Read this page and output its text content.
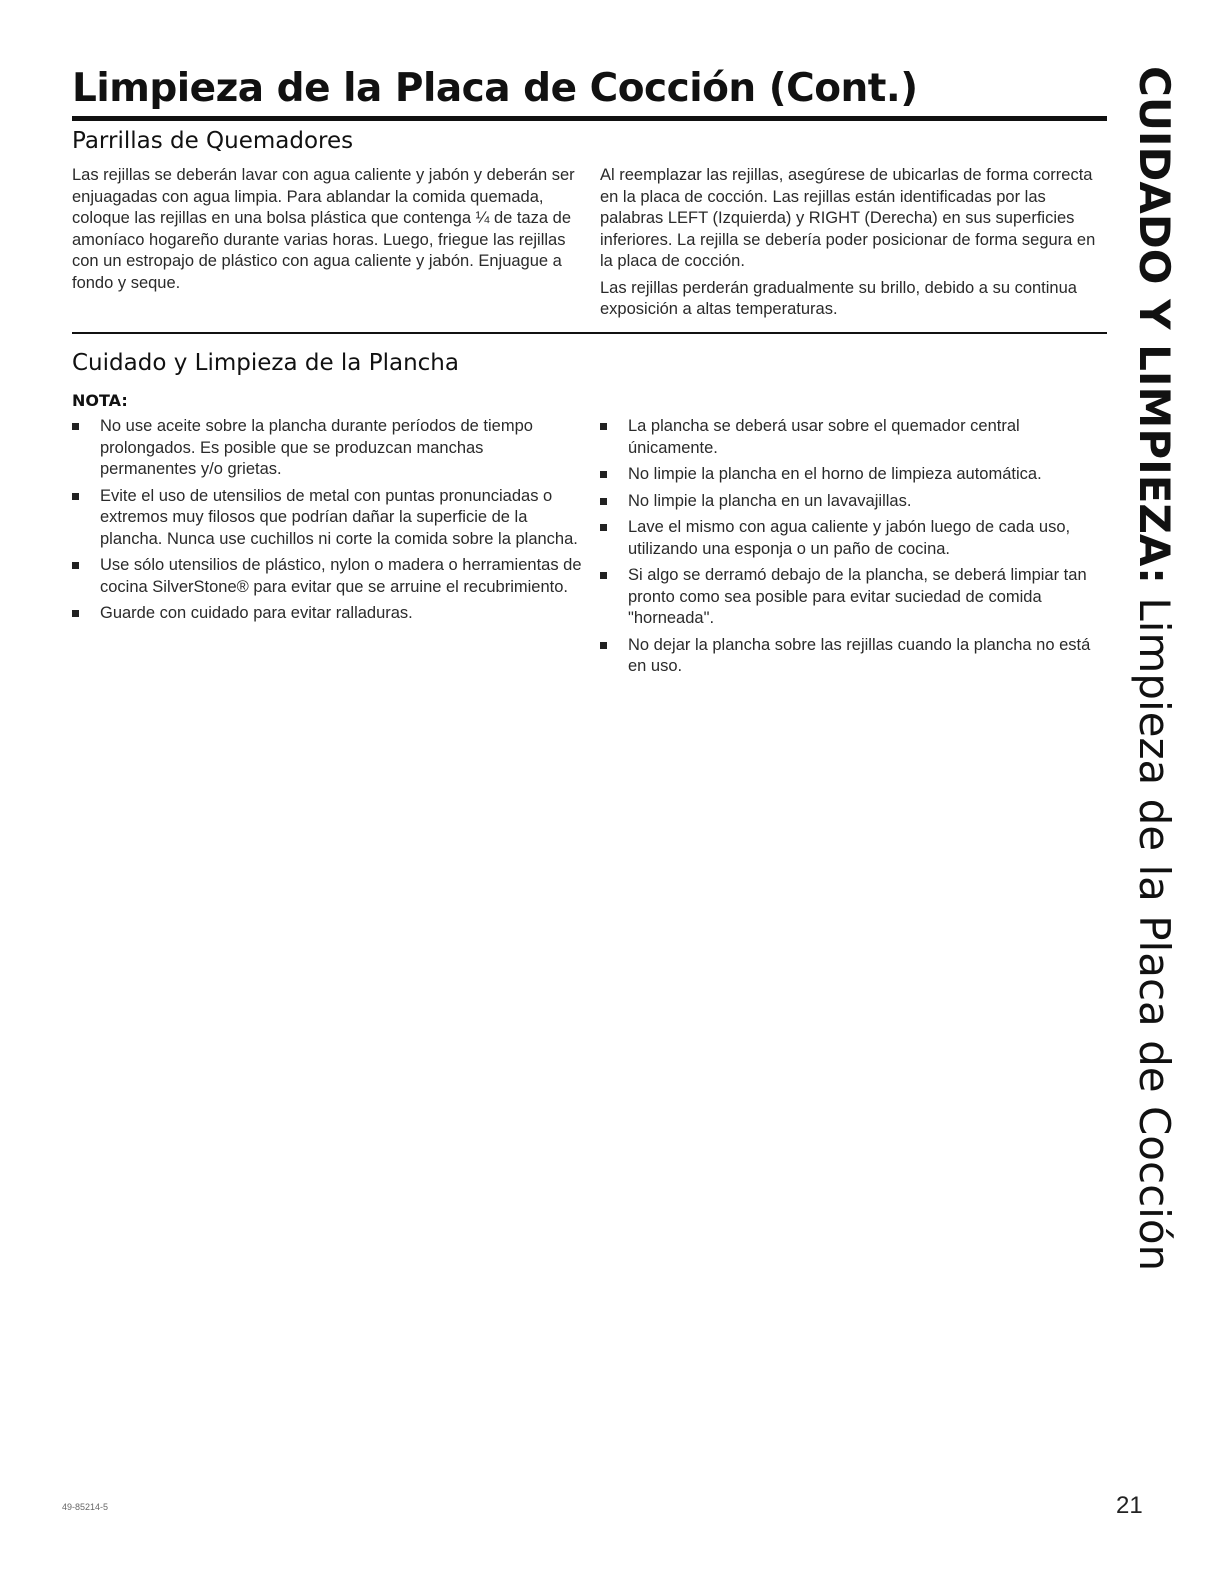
Limpieza de la Placa de Cocción (Cont.)
Parrillas de Quemadores

Las rejillas se deberán lavar con agua caliente y jabón y deberán ser enjuagadas con agua limpia. Para ablandar la comida quemada, coloque las rejillas en una bolsa plástica que contenga ¼ de taza de amoníaco hogareño durante varias horas. Luego, friegue las rejillas con un estropajo de plástico con agua caliente y jabón. Enjuague a fondo y seque.

Al reemplazar las rejillas, asegúrese de ubicarlas de forma correcta en la placa de cocción. Las rejillas están identificadas por las palabras LEFT (Izquierda) y RIGHT (Derecha) en sus superficies inferiores. La rejilla se debería poder posicionar de forma segura en la placa de cocción.

Las rejillas perderán gradualmente su brillo, debido a su continua exposición a altas temperaturas.

Cuidado y Limpieza de la Plancha
NOTA:
No use aceite sobre la plancha durante períodos de tiempo prolongados. Es posible que se produzcan manchas permanentes y/o grietas.
Evite el uso de utensilios de metal con puntas pronunciadas o extremos muy filosos que podrían dañar la superficie de la plancha. Nunca use cuchillos ni corte la comida sobre la plancha.
Use sólo utensilios de plástico, nylon o madera o herramientas de cocina SilverStone® para evitar que se arruine el recubrimiento.
Guarde con cuidado para evitar ralladuras.
La plancha se deberá usar sobre el quemador central únicamente.
No limpie la plancha en el horno de limpieza automática.
No limpie la plancha en un lavavajillas.
Lave el mismo con agua caliente y jabón luego de cada uso, utilizando una esponja o un paño de cocina.
Si algo se derramó debajo de la plancha, se deberá limpiar tan pronto como sea posible para evitar suciedad de comida "horneada".
No dejar la plancha sobre las rejillas cuando la plancha no está en uso.
CUIDADO Y LIMPIEZA: Limpieza de la Placa de Cocción
49-85214-5	21
